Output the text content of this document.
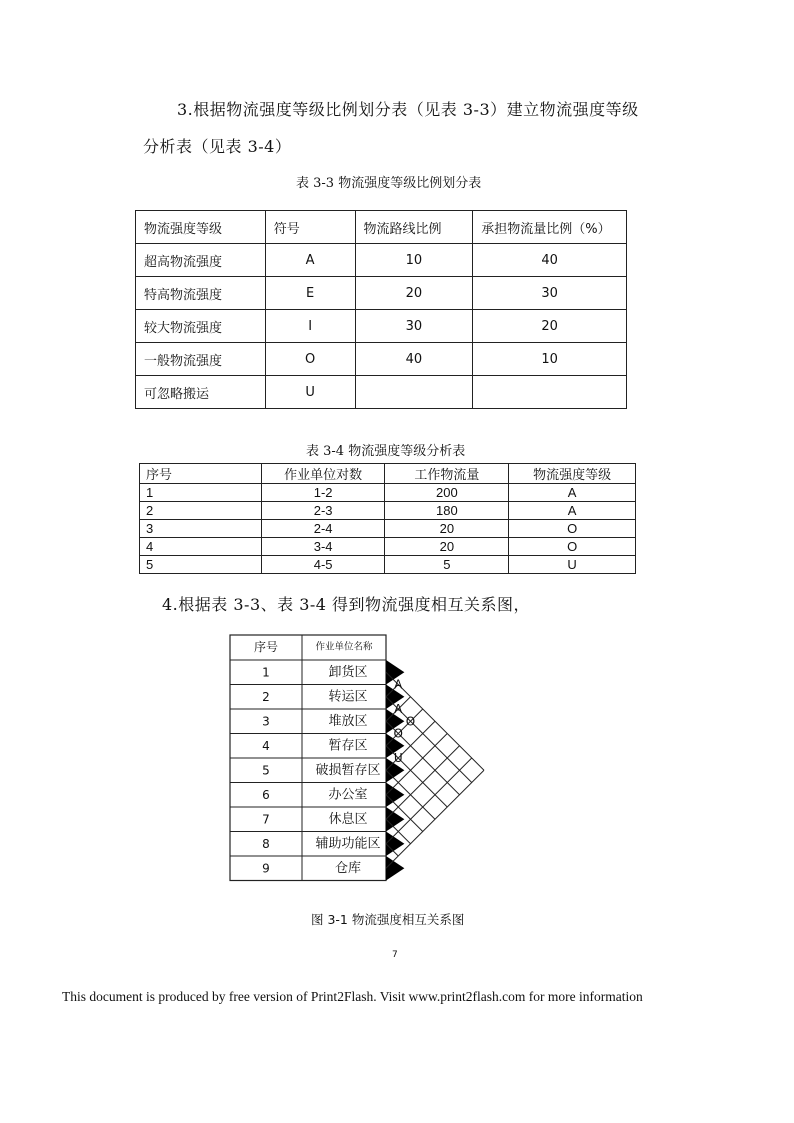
3.根据物流强度等级比例划分表（见表 3-3）建立物流强度等级
分析表（见表 3-4）
表 3-3 物流强度等级比例划分表
物流强度等级	符号	物流路线比例	承担物流量比例（%）
超高物流强度	A	10	40
特高物流强度	E	20	30
较大物流强度	I	30	20
一般物流强度	O	40	10
可忽略搬运	U		
表 3-4 物流强度等级分析表
序号	作业单位对数	工作物流量	物流强度等级
1	1-2	200	A
2	2-3	180	A
3	2-4	20	O
4	3-4	20	O
5	4-5	5	U
4.根据表 3-3、表 3-4 得到物流强度相互关系图，
序号	作业单位名称
1	卸货区
2	转运区
3	堆放区
4	暂存区
5	破损暂存区
6	办公室
7	休息区
8	辅助功能区
9	仓库
A
A
O
O
U
图 3-1 物流强度相互关系图
7
This document is produced by free version of Print2Flash. Visit www.print2flash.com for more information
